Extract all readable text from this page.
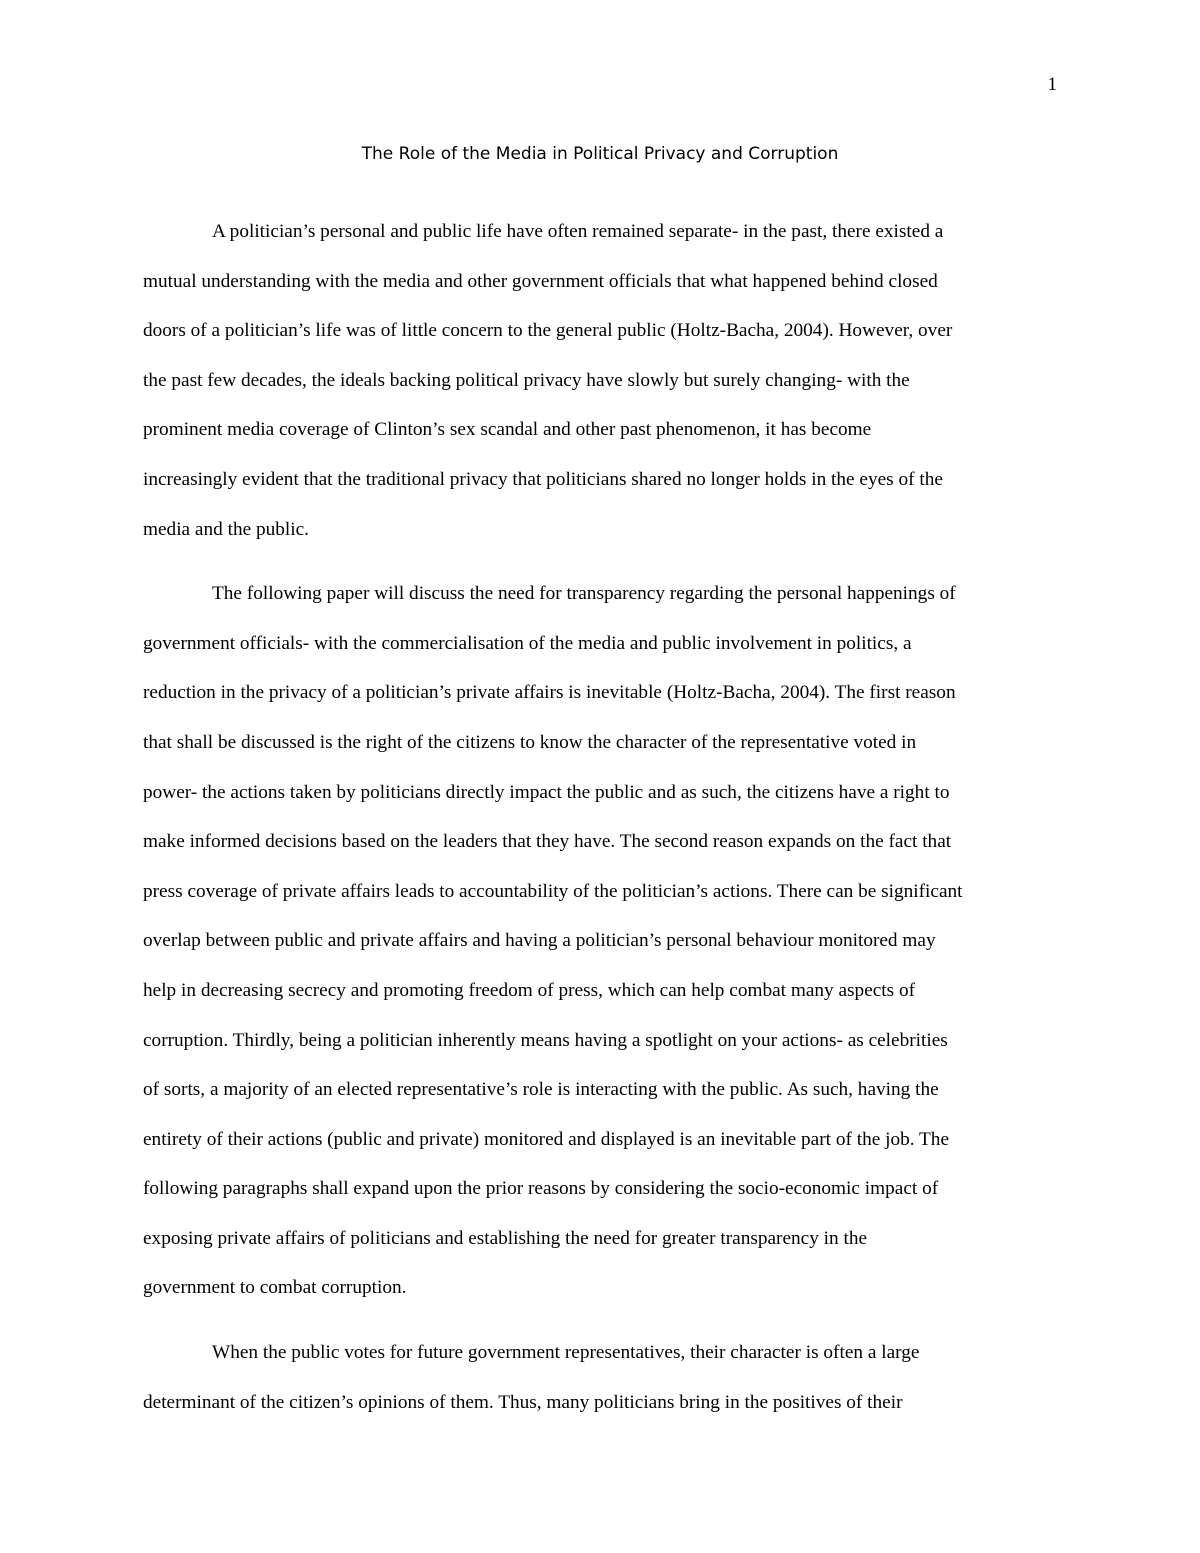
1
The Role of the Media in Political Privacy and Corruption
A politician’s personal and public life have often remained separate- in the past, there existed a
mutual understanding with the media and other government officials that what happened behind closed
doors of a politician’s life was of little concern to the general public (Holtz-Bacha, 2004). However, over
the past few decades, the ideals backing political privacy have slowly but surely changing- with the
prominent media coverage of Clinton’s sex scandal and other past phenomenon, it has become
increasingly evident that the traditional privacy that politicians shared no longer holds in the eyes of the
media and the public.
The following paper will discuss the need for transparency regarding the personal happenings of
government officials- with the commercialisation of the media and public involvement in politics, a
reduction in the privacy of a politician’s private affairs is inevitable (Holtz-Bacha, 2004). The first reason
that shall be discussed is the right of the citizens to know the character of the representative voted in
power- the actions taken by politicians directly impact the public and as such, the citizens have a right to
make informed decisions based on the leaders that they have. The second reason expands on the fact that
press coverage of private affairs leads to accountability of the politician’s actions. There can be significant
overlap between public and private affairs and having a politician’s personal behaviour monitored may
help in decreasing secrecy and promoting freedom of press, which can help combat many aspects of
corruption. Thirdly, being a politician inherently means having a spotlight on your actions- as celebrities
of sorts, a majority of an elected representative’s role is interacting with the public. As such, having the
entirety of their actions (public and private) monitored and displayed is an inevitable part of the job. The
following paragraphs shall expand upon the prior reasons by considering the socio-economic impact of
exposing private affairs of politicians and establishing the need for greater transparency in the
government to combat corruption.
When the public votes for future government representatives, their character is often a large
determinant of the citizen’s opinions of them. Thus, many politicians bring in the positives of their
